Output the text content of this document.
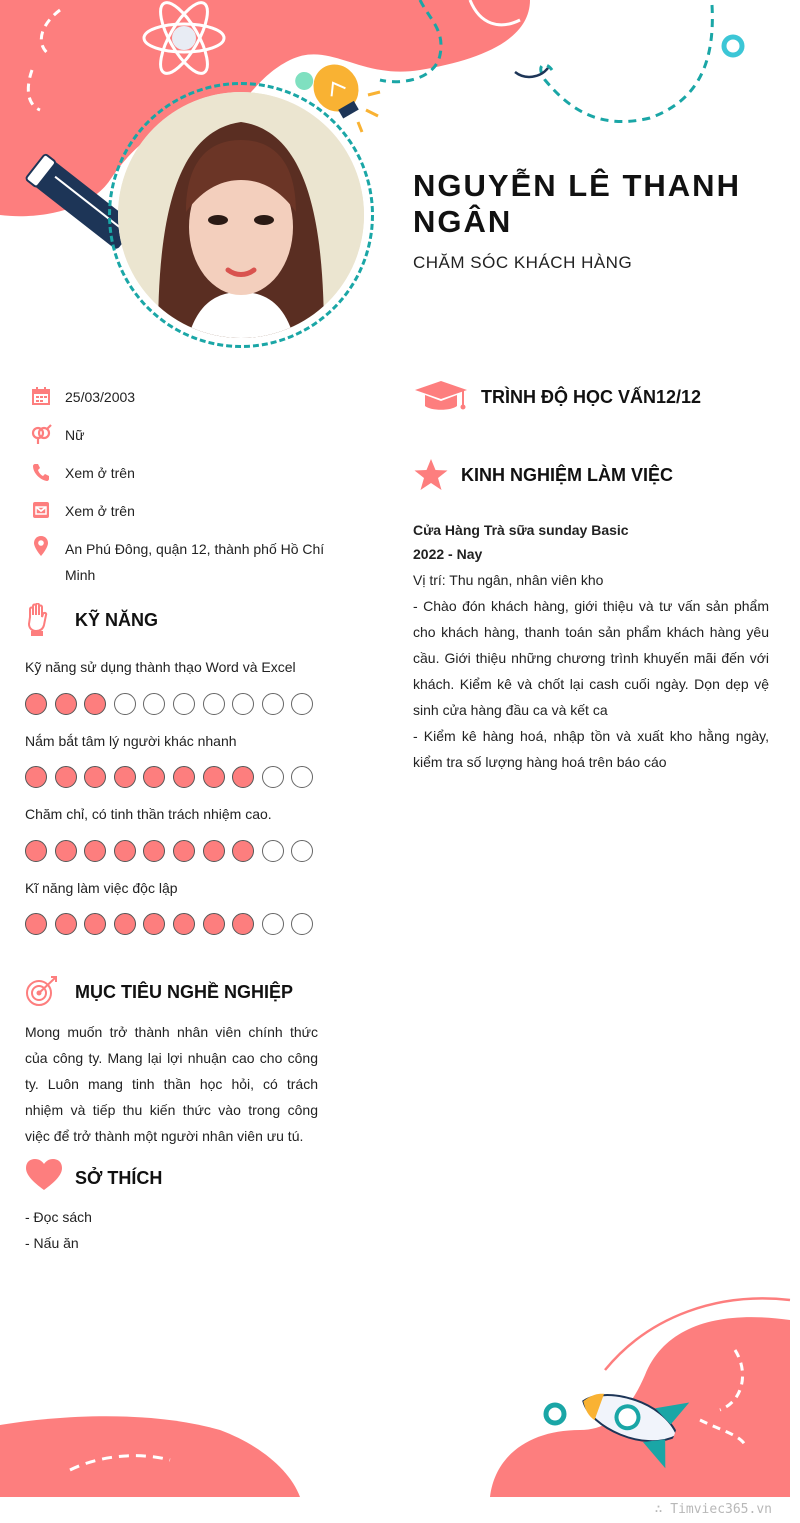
NGUYỄN LÊ THANH NGÂN
CHĂM SÓC KHÁCH HÀNG
25/03/2003
Nữ
Xem ở trên
Xem ở trên
An Phú Đông, quận 12, thành phố Hồ Chí Minh
KỸ NĂNG
Kỹ năng sử dụng thành thạo Word và Excel
Nắm bắt tâm lý người khác nhanh
Chăm chỉ, có tinh thần trách nhiệm cao.
Kĩ năng làm việc độc lập
MỤC TIÊU NGHỀ NGHIỆP
Mong muốn trở thành nhân viên chính thức của công ty. Mang lại lợi nhuận cao cho công ty. Luôn mang tinh thần học hỏi, có trách nhiệm và tiếp thu kiến thức vào trong công việc để trở thành một người nhân viên ưu tú.
SỞ THÍCH
- Đọc sách
- Nấu ăn
TRÌNH ĐỘ HỌC VẤN12/12
KINH NGHIỆM LÀM VIỆC
Cửa Hàng Trà sữa sunday Basic
2022 - Nay
Vị trí: Thu ngân, nhân viên kho
- Chào đón khách hàng, giới thiệu và tư vấn sản phẩm cho khách hàng, thanh toán sản phẩm khách hàng yêu cầu. Giới thiệu những chương trình khuyến mãi đến với khách. Kiểm kê và chốt lại cash cuối ngày. Dọn dẹp vệ sinh cửa hàng đầu ca và kết ca
- Kiểm kê hàng hoá, nhập tồn và xuất kho hằng ngày, kiểm tra số lượng hàng hoá trên báo cáo
∴ Timviec365.vn
